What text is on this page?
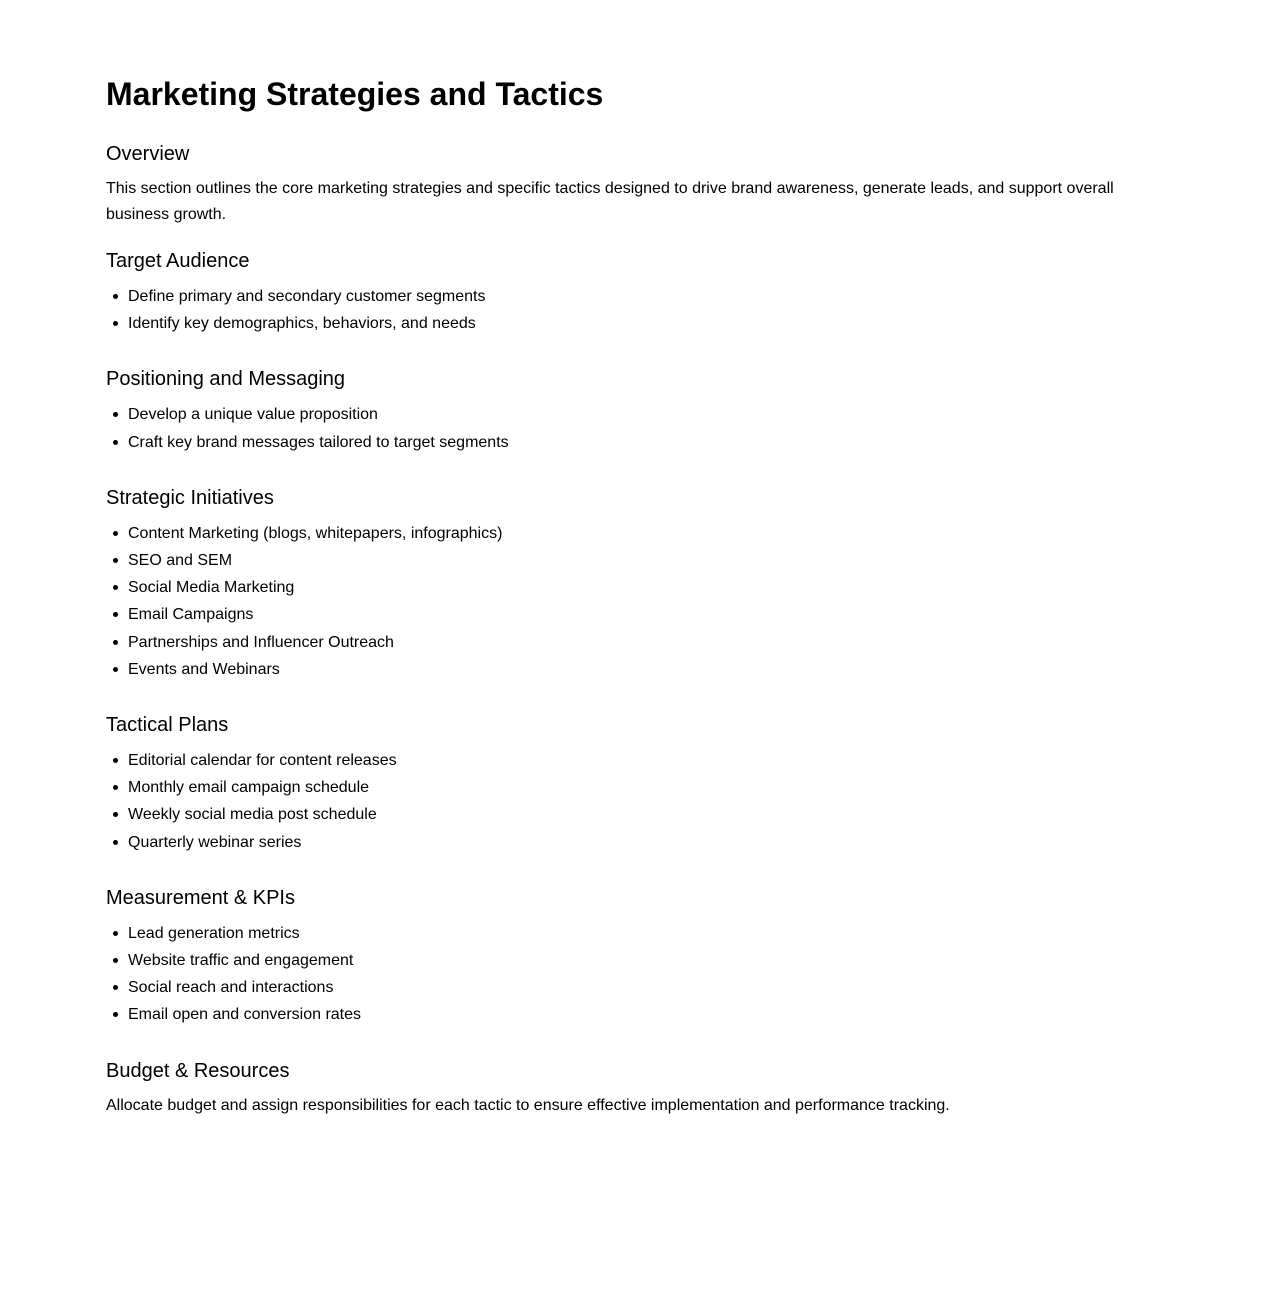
Marketing Strategies and Tactics
Overview

This section outlines the core marketing strategies and specific tactics designed to drive brand awareness, generate leads, and support overall business growth.

Target Audience
Define primary and secondary customer segments
Identify key demographics, behaviors, and needs
Positioning and Messaging
Develop a unique value proposition
Craft key brand messages tailored to target segments
Strategic Initiatives
Content Marketing (blogs, whitepapers, infographics)
SEO and SEM
Social Media Marketing
Email Campaigns
Partnerships and Influencer Outreach
Events and Webinars
Tactical Plans
Editorial calendar for content releases
Monthly email campaign schedule
Weekly social media post schedule
Quarterly webinar series
Measurement & KPIs
Lead generation metrics
Website traffic and engagement
Social reach and interactions
Email open and conversion rates
Budget & Resources

Allocate budget and assign responsibilities for each tactic to ensure effective implementation and performance tracking.
